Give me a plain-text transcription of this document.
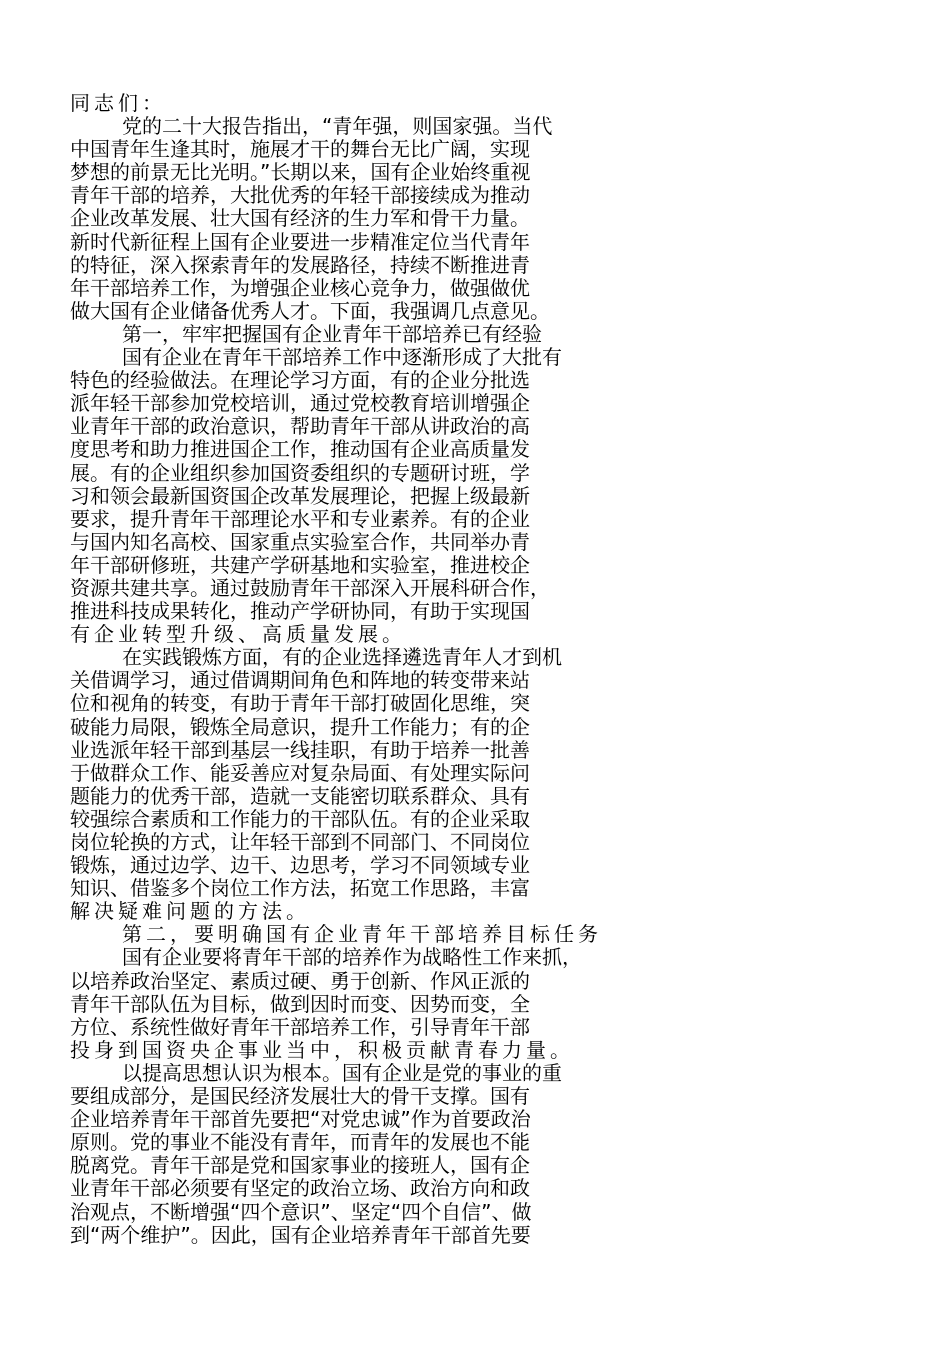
同志们：
党的二十大报告指出，“青年强，则国家强。当代
中国青年生逢其时，施展才干的舞台无比广阔，实现
梦想的前景无比光明。”长期以来，国有企业始终重视
青年干部的培养，大批优秀的年轻干部接续成为推动
企业改革发展、壮大国有经济的生力军和骨干力量。
新时代新征程上国有企业要进一步精准定位当代青年
的特征，深入探索青年的发展路径，持续不断推进青
年干部培养工作，为增强企业核心竞争力，做强做优
做大国有企业储备优秀人才。下面，我强调几点意见。
第一，牢牢把握国有企业青年干部培养已有经验
国有企业在青年干部培养工作中逐渐形成了大批有
特色的经验做法。在理论学习方面，有的企业分批选
派年轻干部参加党校培训，通过党校教育培训增强企
业青年干部的政治意识，帮助青年干部从讲政治的高
度思考和助力推进国企工作，推动国有企业高质量发
展。有的企业组织参加国资委组织的专题研讨班，学
习和领会最新国资国企改革发展理论，把握上级最新
要求，提升青年干部理论水平和专业素养。有的企业
与国内知名高校、国家重点实验室合作，共同举办青
年干部研修班，共建产学研基地和实验室，推进校企
资源共建共享。通过鼓励青年干部深入开展科研合作，
推进科技成果转化，推动产学研协同，有助于实现国
有企业转型升级、高质量发展。
在实践锻炼方面，有的企业选择遴选青年人才到机
关借调学习，通过借调期间角色和阵地的转变带来站
位和视角的转变，有助于青年干部打破固化思维，突
破能力局限，锻炼全局意识，提升工作能力；有的企
业选派年轻干部到基层一线挂职，有助于培养一批善
于做群众工作、能妥善应对复杂局面、有处理实际问
题能力的优秀干部，造就一支能密切联系群众、具有
较强综合素质和工作能力的干部队伍。有的企业采取
岗位轮换的方式，让年轻干部到不同部门、不同岗位
锻炼，通过边学、边干、边思考，学习不同领域专业
知识、借鉴多个岗位工作方法，拓宽工作思路，丰富
解决疑难问题的方法。
第二，要明确国有企业青年干部培养目标任务
国有企业要将青年干部的培养作为战略性工作来抓，
以培养政治坚定、素质过硬、勇于创新、作风正派的
青年干部队伍为目标，做到因时而变、因势而变，全
方位、系统性做好青年干部培养工作，引导青年干部
投身到国资央企事业当中，积极贡献青春力量。
以提高思想认识为根本。国有企业是党的事业的重
要组成部分，是国民经济发展壮大的骨干支撑。国有
企业培养青年干部首先要把“对党忠诚”作为首要政治
原则。党的事业不能没有青年，而青年的发展也不能
脱离党。青年干部是党和国家事业的接班人，国有企
业青年干部必须要有坚定的政治立场、政治方向和政
治观点，不断增强“四个意识”、坚定“四个自信”、做
到“两个维护”。因此，国有企业培养青年干部首先要
